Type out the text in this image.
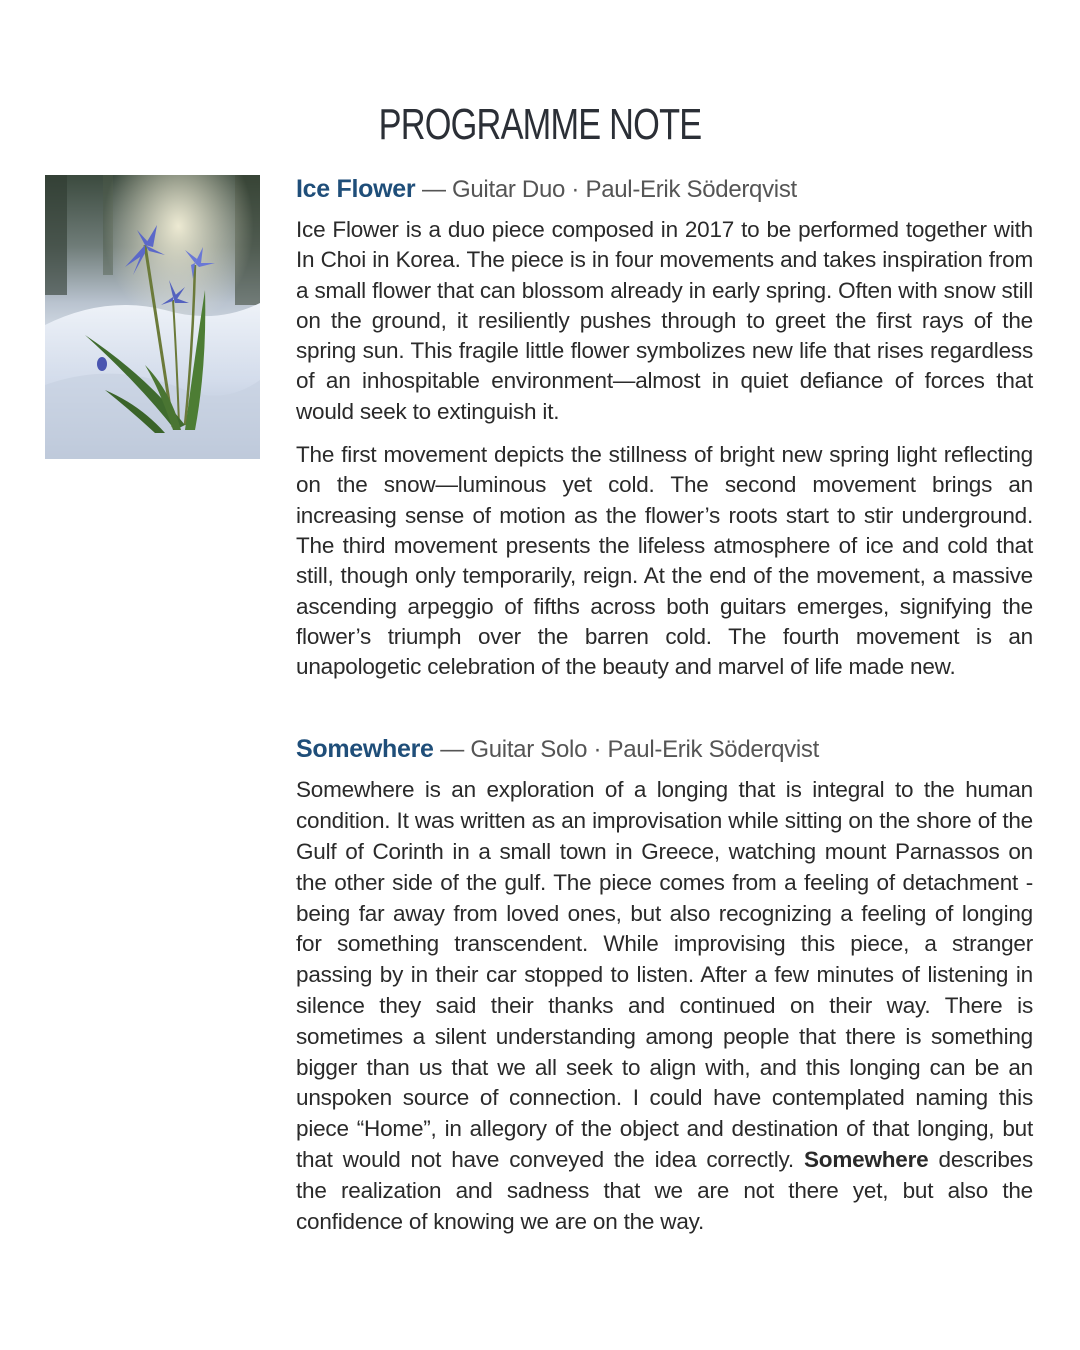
PROGRAMME NOTE
Ice Flower — Guitar Duo · Paul-Erik Söderqvist

Ice Flower is a duo piece composed in 2017 to be performed together with In Choi in Korea. The piece is in four movements and takes inspiration from a small flower that can blossom already in early spring. Often with snow still on the ground, it resiliently pushes through to greet the first rays of the spring sun. This fragile little flower symbolizes new life that rises regardless of an inhospitable environment—almost in quiet defiance of forces that would seek to extinguish it.

The first movement depicts the stillness of bright new spring light reflecting on the snow—luminous yet cold. The second movement brings an increasing sense of motion as the flower’s roots start to stir underground. The third movement presents the lifeless atmosphere of ice and cold that still, though only temporarily, reign. At the end of the movement, a massive ascending arpeggio of fifths across both guitars emerges, signifying the flower’s triumph over the barren cold. The fourth movement is an unapologetic celebration of the beauty and marvel of life made new.

Somewhere — Guitar Solo · Paul-Erik Söderqvist

Somewhere is an exploration of a longing that is integral to the human condition. It was written as an improvisation while sitting on the shore of the Gulf of Corinth in a small town in Greece, watching mount Parnassos on the other side of the gulf. The piece comes from a feeling of detachment - being far away from loved ones, but also recognizing a feeling of longing for something transcendent. While improvising this piece, a stranger passing by in their car stopped to listen. After a few minutes of listening in silence they said their thanks and continued on their way. There is sometimes a silent understanding among people that there is something bigger than us that we all seek to align with, and this longing can be an unspoken source of connection. I could have contemplated naming this piece “Home”, in allegory of the object and destination of that longing, but that would not have conveyed the idea correctly. Somewhere describes the realization and sadness that we are not there yet, but also the confidence of knowing we are on the way.
